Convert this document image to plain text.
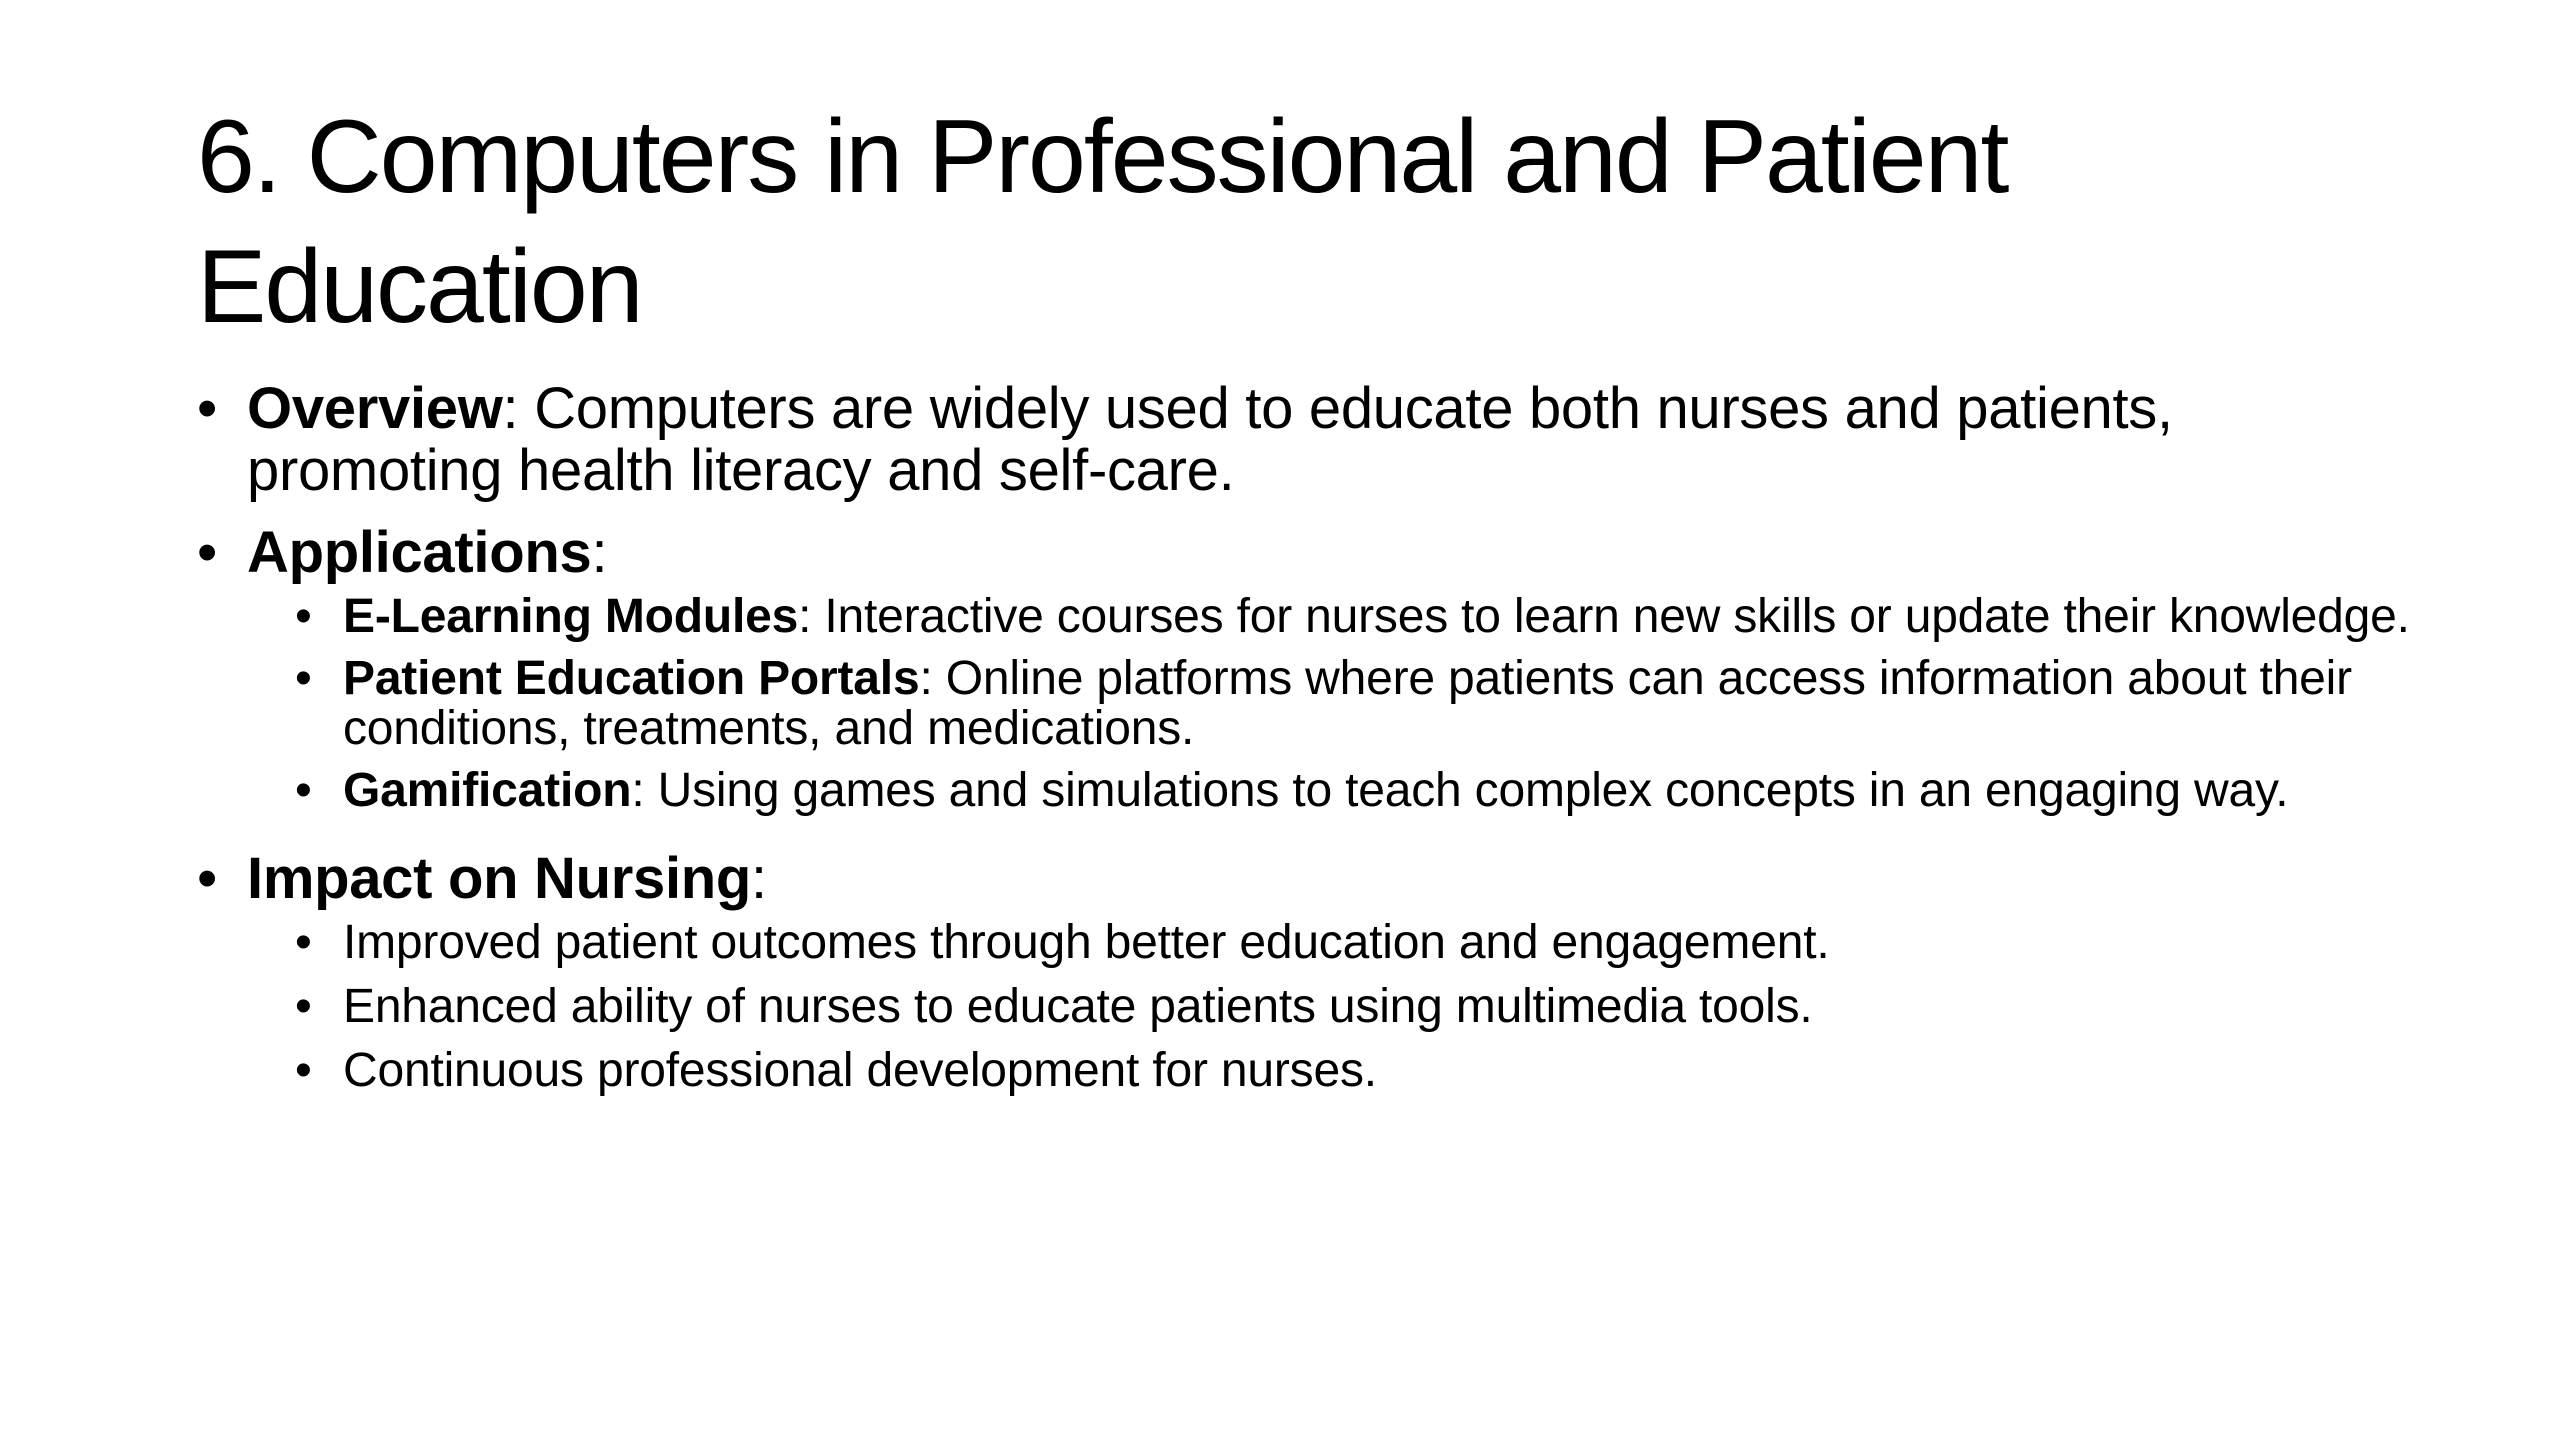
6. Computers in Professional and Patient Education
• Overview: Computers are widely used to educate both nurses and patients, promoting health literacy and self-care.
• Applications:
• E-Learning Modules: Interactive courses for nurses to learn new skills or update their knowledge.
• Patient Education Portals: Online platforms where patients can access information about their conditions, treatments, and medications.
• Gamification: Using games and simulations to teach complex concepts in an engaging way.
• Impact on Nursing:
• Improved patient outcomes through better education and engagement.
• Enhanced ability of nurses to educate patients using multimedia tools.
• Continuous professional development for nurses.
